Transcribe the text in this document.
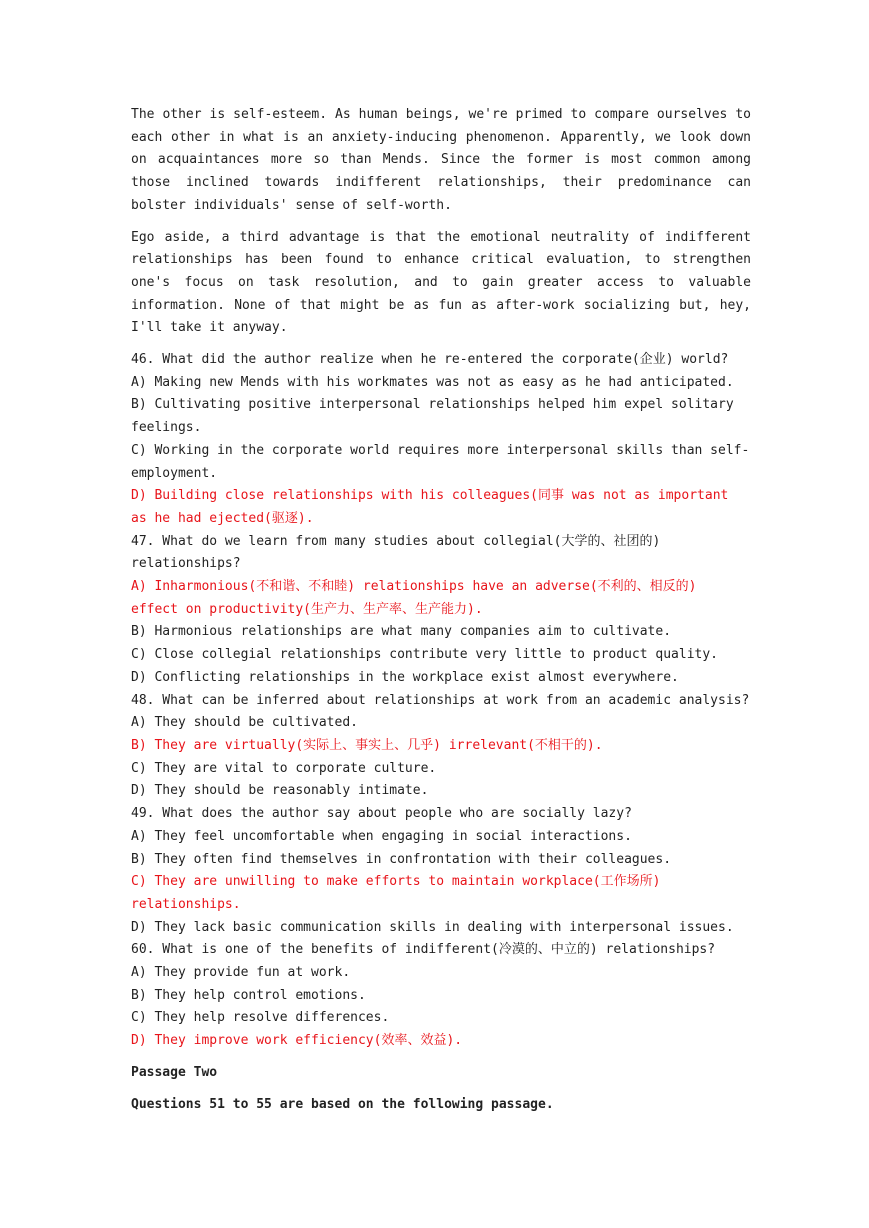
The other is self-esteem. As human beings, we're primed to compare ourselves to each other in what is an anxiety-inducing phenomenon. Apparently, we look down on acquaintances more so than Mends. Since the former is most common among those inclined towards indifferent relationships, their predominance can bolster individuals' sense of self-worth.

Ego aside, a third advantage is that the emotional neutrality of indifferent relationships has been found to enhance critical evaluation, to strengthen one's focus on task resolution, and to gain greater access to valuable information. None of that might be as fun as after-work socializing but, hey, I'll take it anyway.

46. What did the author realize when he re-entered the corporate(企业) world?

A) Making new Mends with his workmates was not as easy as he had anticipated.

B) Cultivating positive interpersonal relationships helped him expel solitary feelings.

C) Working in the corporate world requires more interpersonal skills than self-employment.

D) Building close relationships with his colleagues(同事 was not as important as he had ejected(驱逐).

47. What do we learn from many studies about collegial(大学的、社团的) relationships?

A) Inharmonious(不和谐、不和睦) relationships have an adverse(不利的、相反的) effect on productivity(生产力、生产率、生产能力).

B) Harmonious relationships are what many companies aim to cultivate.

C) Close collegial relationships contribute very little to product quality.

D) Conflicting relationships in the workplace exist almost everywhere.

48. What can be inferred about relationships at work from an academic analysis?

A) They should be cultivated.

B) They are virtually(实际上、事实上、几乎) irrelevant(不相干的).

C) They are vital to corporate culture.

D) They should be reasonably intimate.

49. What does the author say about people who are socially lazy?

A) They feel uncomfortable when engaging in social interactions.

B) They often find themselves in confrontation with their colleagues.

C) They are unwilling to make efforts to maintain workplace(工作场所) relationships.

D) They lack basic communication skills in dealing with interpersonal issues.

60. What is one of the benefits of indifferent(冷漠的、中立的) relationships?

A) They provide fun at work.

B) They help control emotions.

C) They help resolve differences.

D) They improve work efficiency(效率、效益).

Passage Two

Questions 51 to 55 are based on the following passage.
